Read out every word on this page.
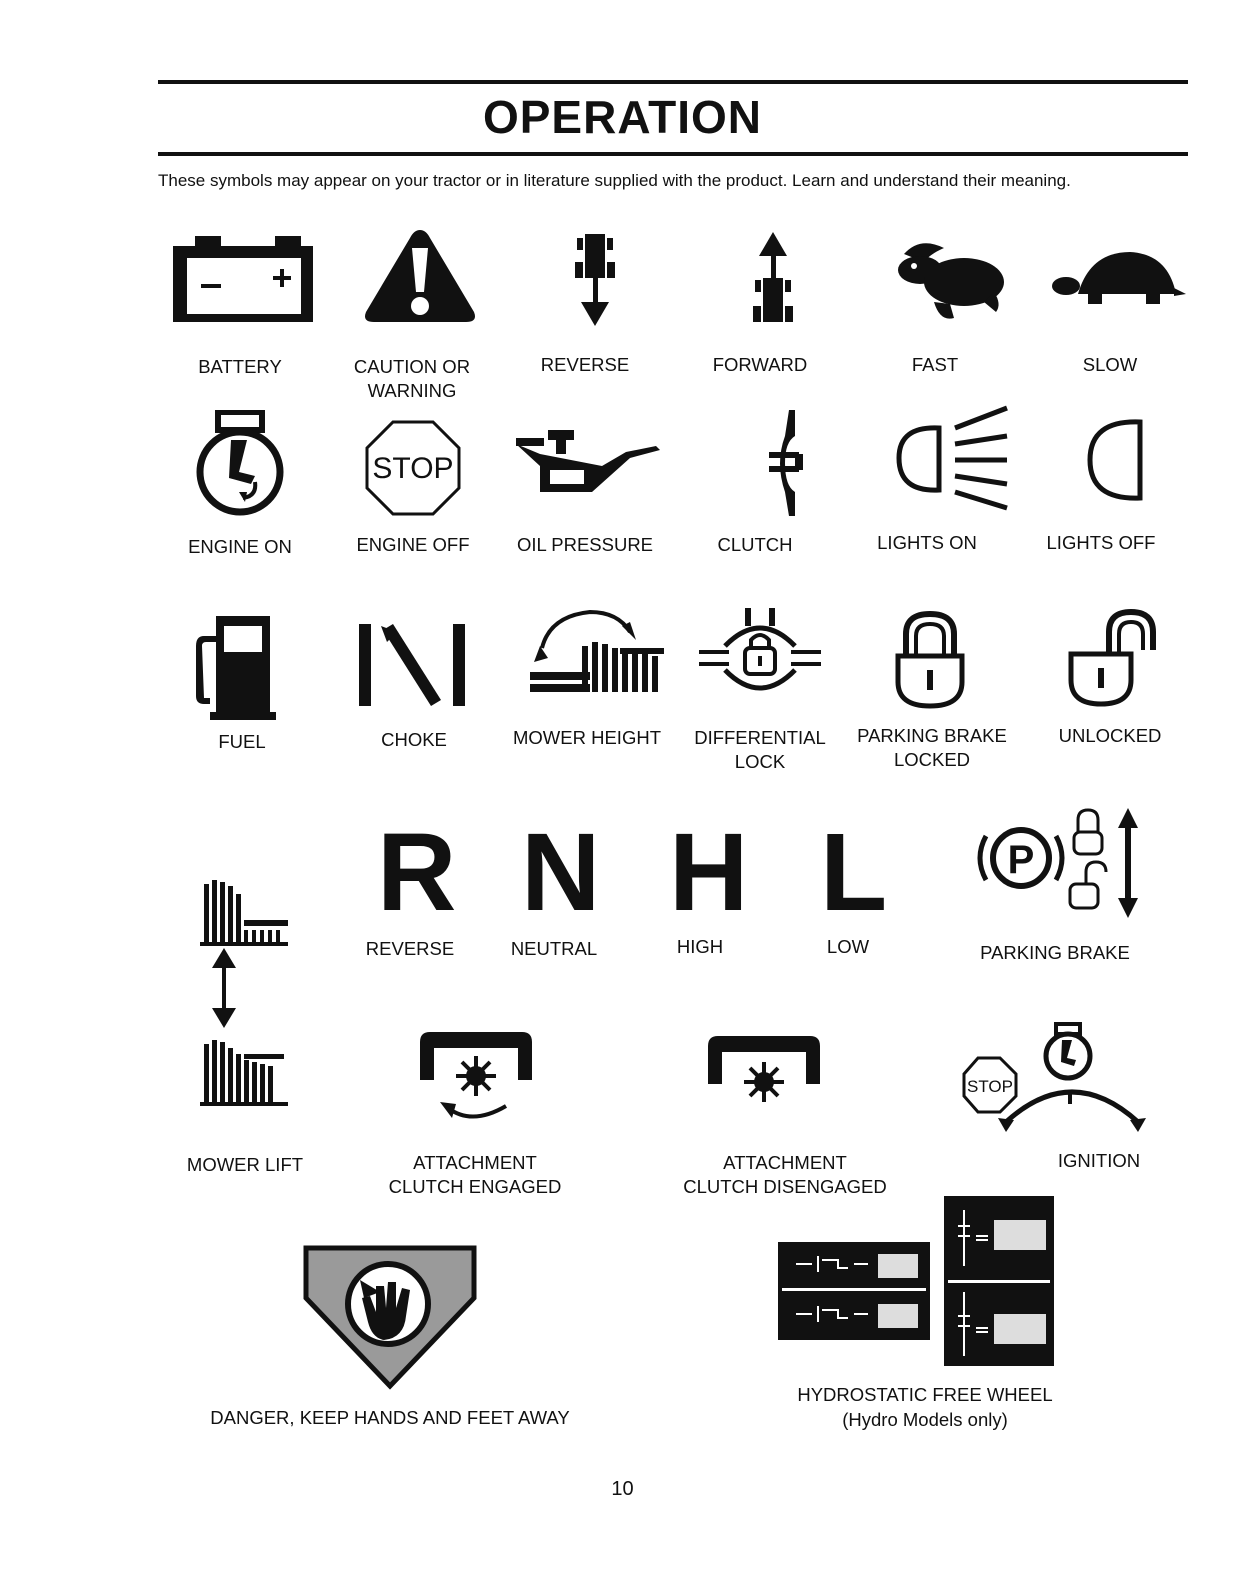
OPERATION
These symbols may appear on your tractor or in literature supplied with the product. Learn and understand their meaning.
BATTERY	CAUTION OR
WARNING
REVERSE	FORWARD	FAST	SLOW
STOP
ENGINE ON	ENGINE OFF	OIL PRESSURE	CLUTCH	LIGHTS ON	LIGHTS OFF
FUEL	CHOKE	MOWER HEIGHT	DIFFERENTIAL
LOCK
PARKING BRAKE
LOCKED
UNLOCKED
R N H L
REVERSE	NEUTRAL	HIGH	LOW
P
PARKING BRAKE
STOP
MOWER LIFT	ATTACHMENT
CLUTCH ENGAGED
ATTACHMENT
CLUTCH DISENGAGED
IGNITION
DANGER, KEEP HANDS AND FEET AWAY
HYDROSTATIC FREE WHEEL
(Hydro Models only)
10
